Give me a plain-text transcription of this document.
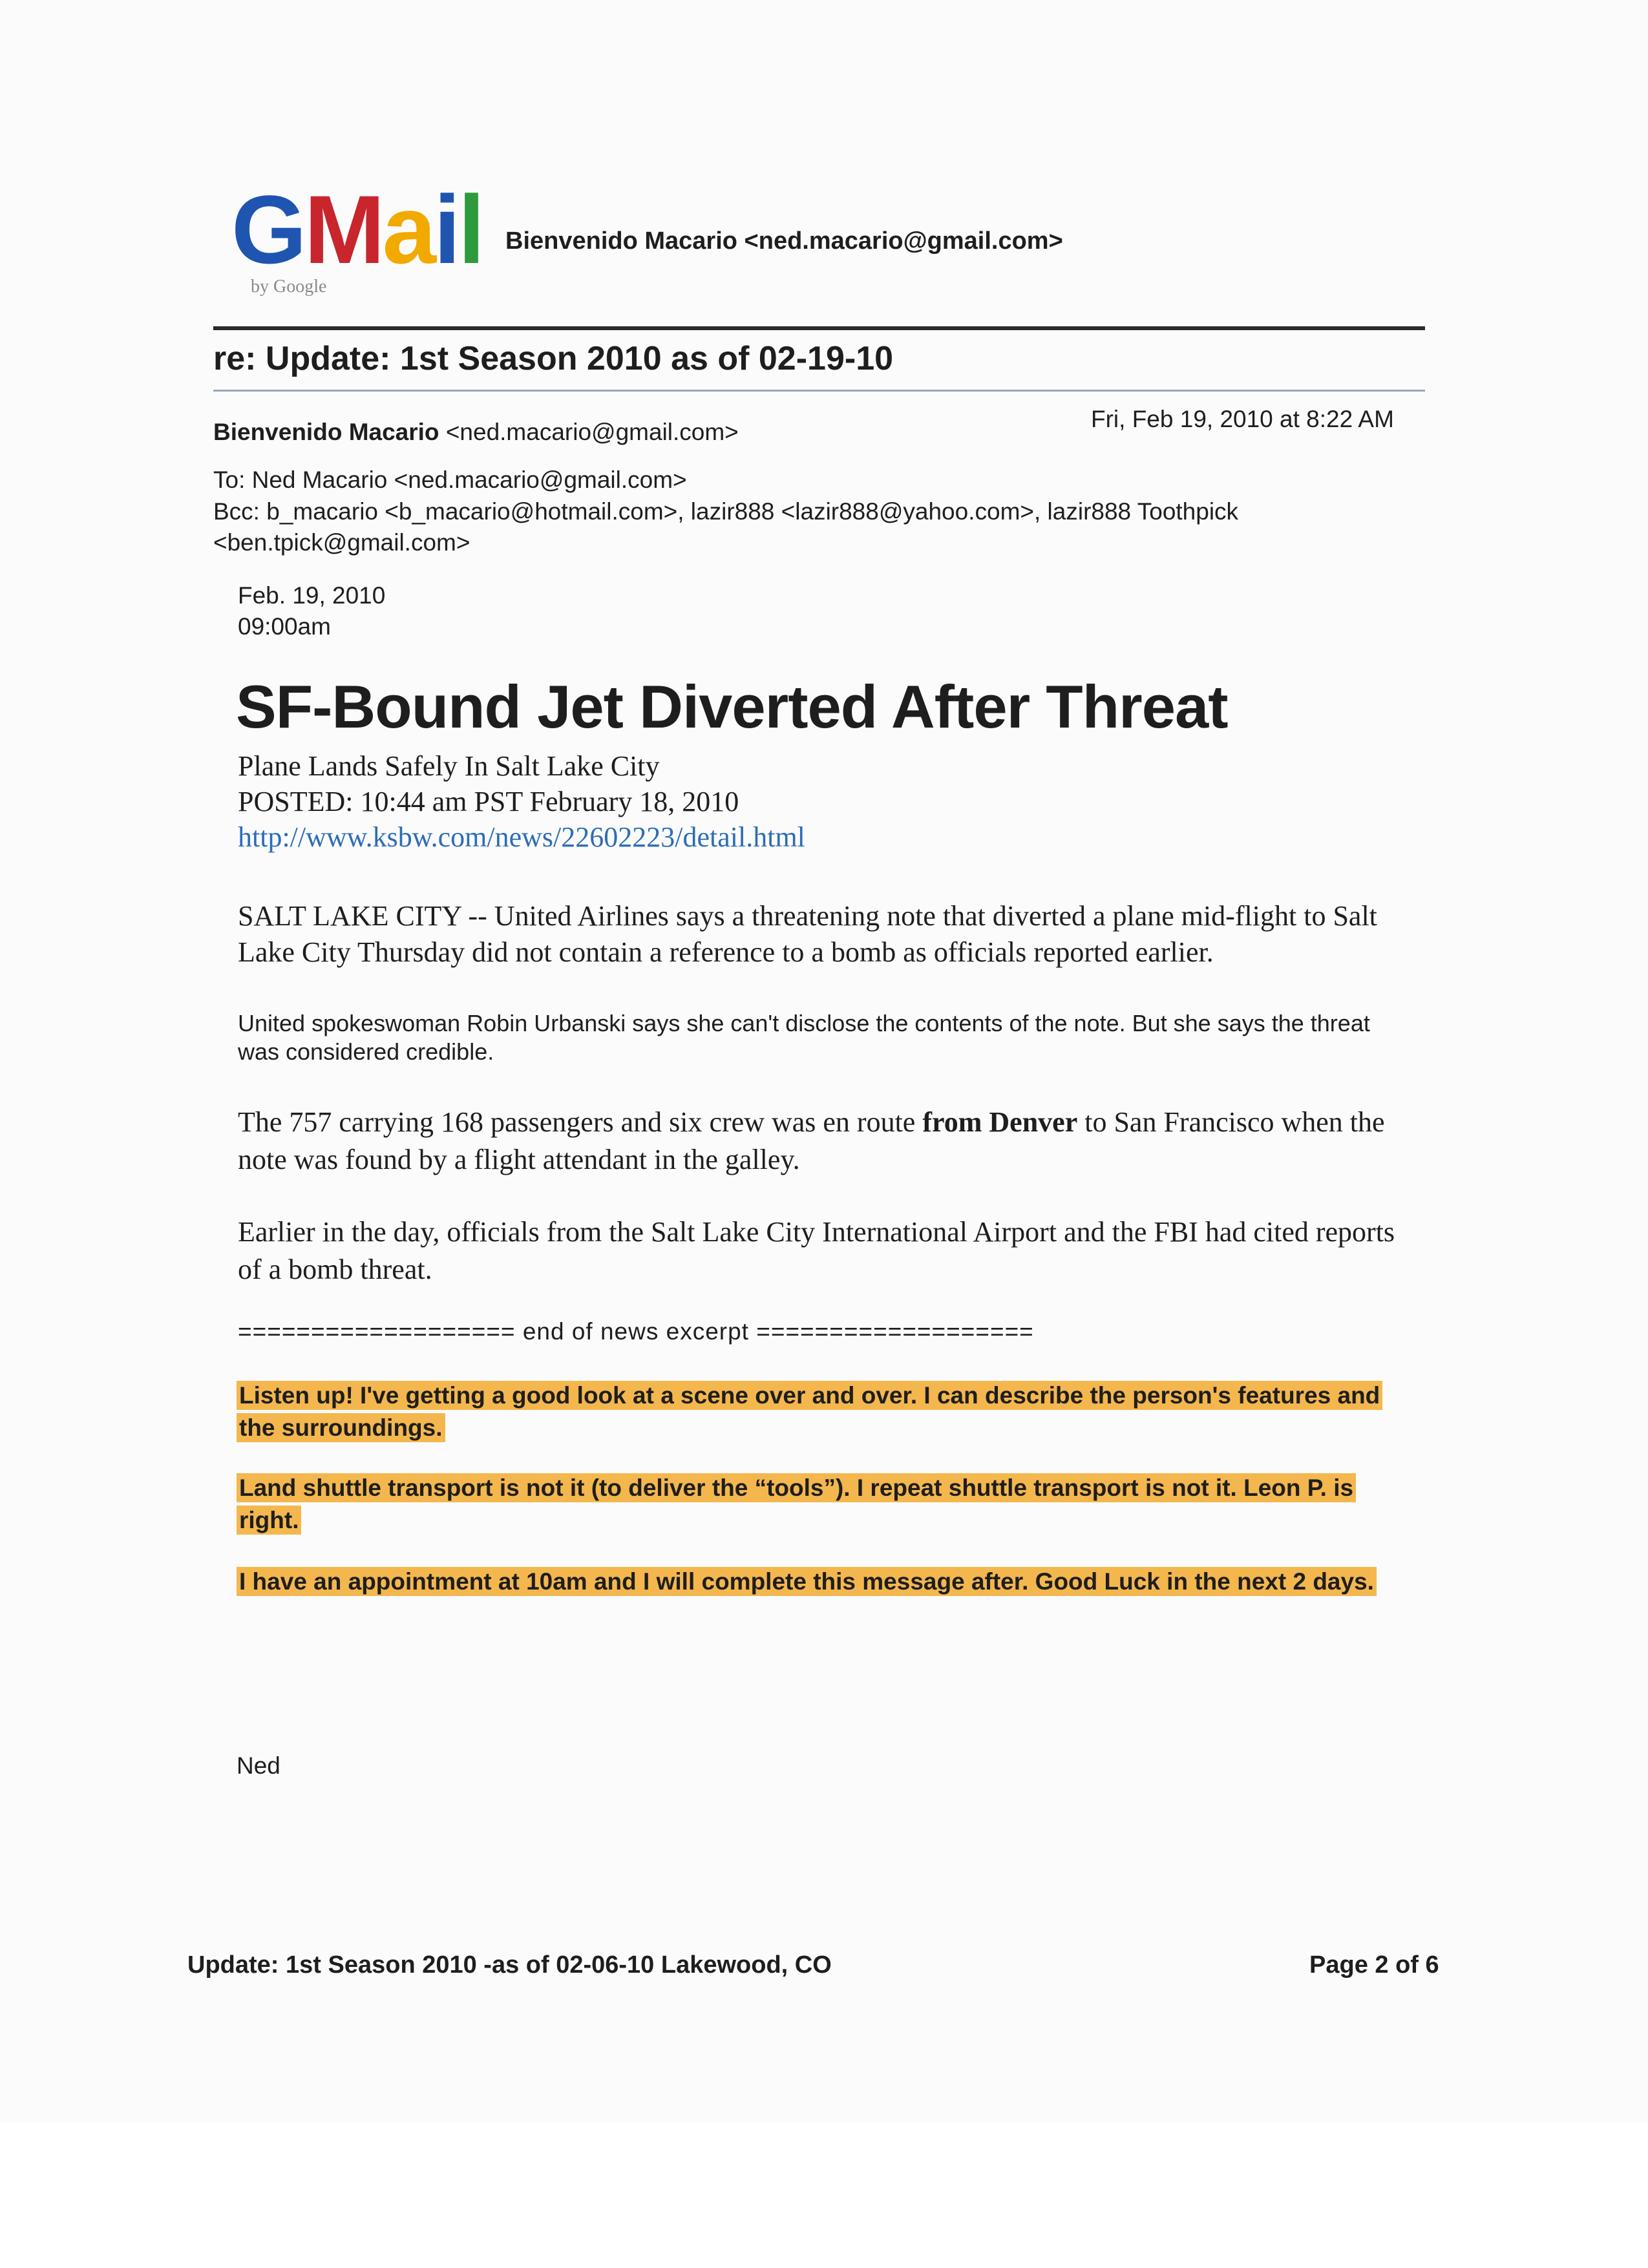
GMail
by Google
Bienvenido Macario <ned.macario@gmail.com>
re: Update: 1st Season 2010 as of 02-19-10
Bienvenido Macario <ned.macario@gmail.com>	Fri, Feb 19, 2010 at 8:22 AM
To: Ned Macario <ned.macario@gmail.com>
Bcc: b_macario <b_macario@hotmail.com>, lazir888 <lazir888@yahoo.com>, lazir888 Toothpick <ben.tpick@gmail.com>
Feb. 19, 2010
09:00am
SF-Bound Jet Diverted After Threat
Plane Lands Safely In Salt Lake City
POSTED: 10:44 am PST February 18, 2010
http://www.ksbw.com/news/22602223/detail.html
SALT LAKE CITY -- United Airlines says a threatening note that diverted a plane mid-flight to Salt Lake City Thursday did not contain a reference to a bomb as officials reported earlier.
United spokeswoman Robin Urbanski says she can't disclose the contents of the note. But she says the threat was considered credible.
The 757 carrying 168 passengers and six crew was en route from Denver to San Francisco when the note was found by a flight attendant in the galley.
Earlier in the day, officials from the Salt Lake City International Airport and the FBI had cited reports of a bomb threat.
=================== end of news excerpt ===================
Listen up! I've getting a good look at a scene over and over. I can describe the person's features and the surroundings.
Land shuttle transport is not it (to deliver the “tools”). I repeat shuttle transport is not it. Leon P. is right.
I have an appointment at 10am and I will complete this message after. Good Luck in the next 2 days.
Ned
Update: 1st Season 2010 -as of 02-06-10 Lakewood, CO	Page 2 of 6
